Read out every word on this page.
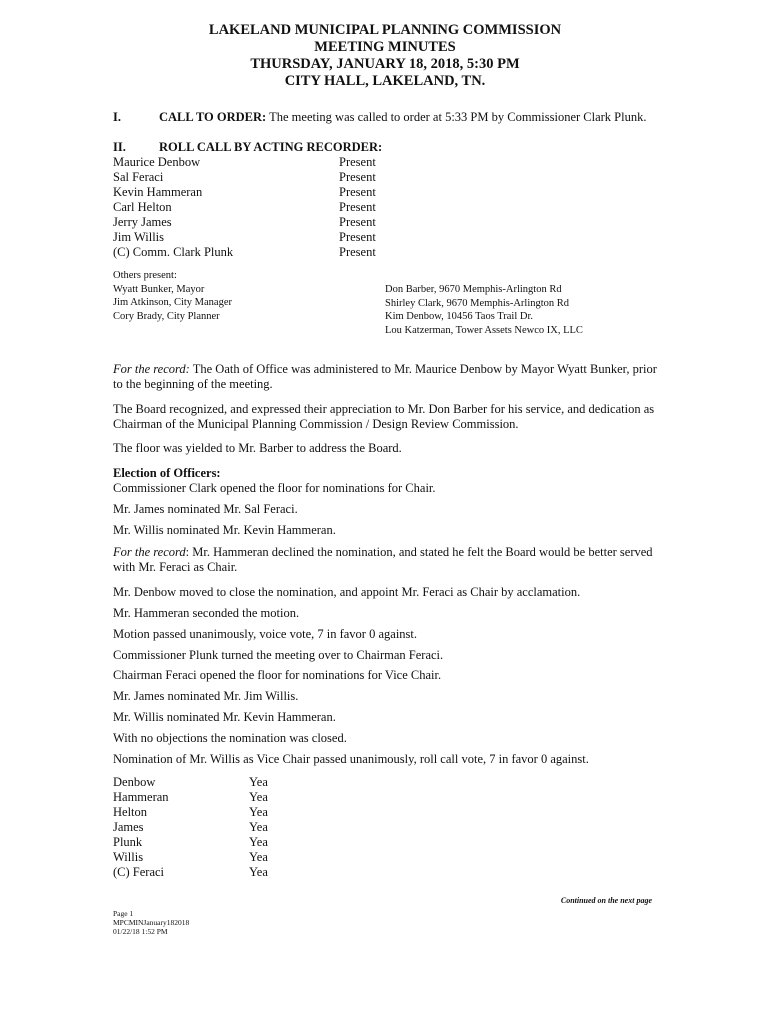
LAKELAND MUNICIPAL PLANNING COMMISSION
MEETING MINUTES
THURSDAY, JANUARY 18, 2018, 5:30 PM
CITY HALL, LAKELAND, TN.
I.	CALL TO ORDER: The meeting was called to order at 5:33 PM by Commissioner Clark Plunk.
II.	ROLL CALL BY ACTING RECORDER:
Maurice Denbow	Present
Sal Feraci	Present
Kevin Hammeran	Present
Carl Helton	Present
Jerry James	Present
Jim Willis	Present
(C) Comm. Clark Plunk	Present
Others present:
Wyatt Bunker, Mayor
Jim Atkinson, City Manager
Cory Brady, City Planner
Don Barber, 9670 Memphis-Arlington Rd
Shirley Clark, 9670 Memphis-Arlington Rd
Kim Denbow, 10456 Taos Trail Dr.
Lou Katzerman, Tower Assets Newco IX, LLC

For the record: The Oath of Office was administered to Mr. Maurice Denbow by Mayor Wyatt Bunker, prior to the beginning of the meeting.

The Board recognized, and expressed their appreciation to Mr. Don Barber for his service, and dedication as Chairman of the Municipal Planning Commission / Design Review Commission.
The floor was yielded to Mr. Barber to address the Board.
Election of Officers:
Commissioner Clark opened the floor for nominations for Chair.
Mr. James nominated Mr. Sal Feraci.
Mr. Willis nominated Mr. Kevin Hammeran.

For the record: Mr. Hammeran declined the nomination, and stated he felt the Board would be better served with Mr. Feraci as Chair.

Mr. Denbow moved to close the nomination, and appoint Mr. Feraci as Chair by acclamation.
Mr. Hammeran seconded the motion.
Motion passed unanimously, voice vote, 7 in favor 0 against.
Commissioner Plunk turned the meeting over to Chairman Feraci.
Chairman Feraci opened the floor for nominations for Vice Chair.
Mr. James nominated Mr. Jim Willis.
Mr. Willis nominated Mr. Kevin Hammeran.
With no objections the nomination was closed.
Nomination of Mr. Willis as Vice Chair passed unanimously, roll call vote, 7 in favor 0 against.
Denbow	Yea
Hammeran	Yea
Helton	Yea
James	Yea
Plunk	Yea
Willis	Yea
(C) Feraci	Yea
Continued on the next page
Page 1
MPCMINJanuary182018
01/22/18 1:52 PM
